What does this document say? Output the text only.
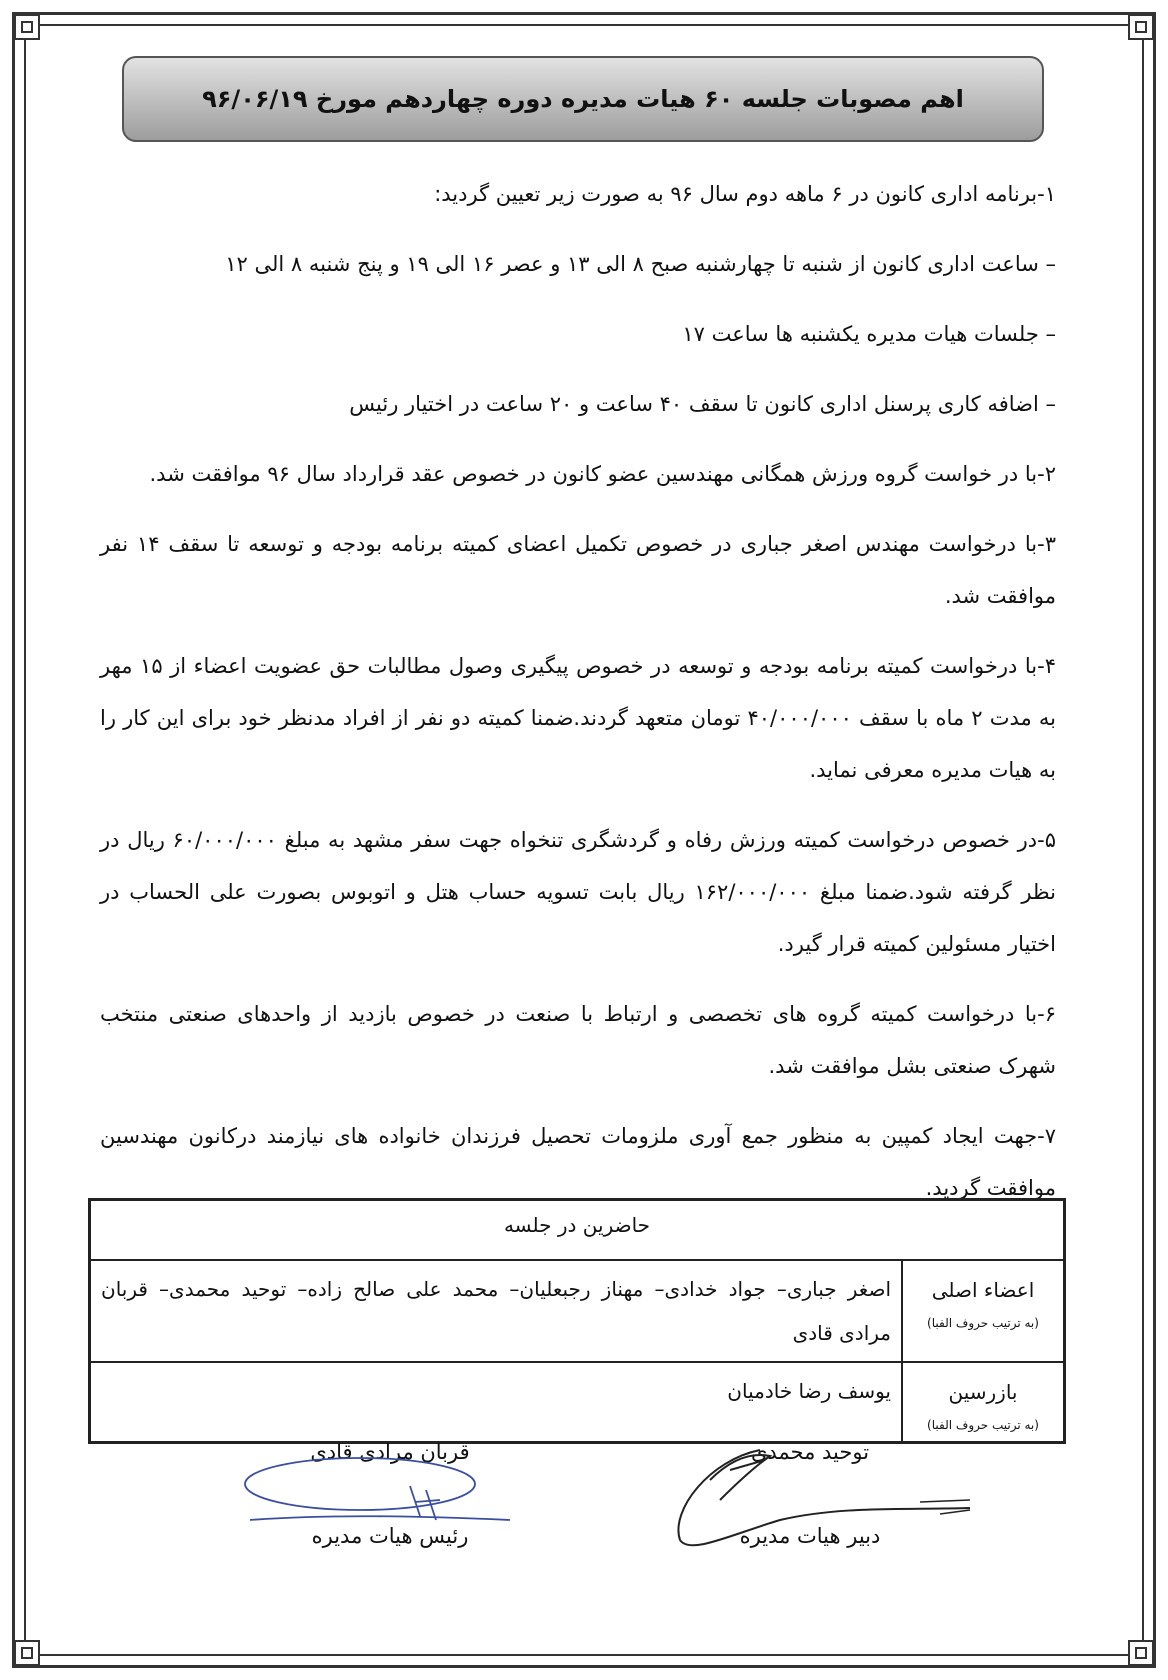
اهم مصوبات جلسه ۶۰ هیات مدیره دوره چهاردهم مورخ ۹۶/۰۶/۱۹

۱-برنامه اداری کانون در ۶ ماهه دوم سال ۹۶ به صورت زیر تعیین گردید:

– ساعت اداری کانون از شنبه تا چهارشنبه صبح ۸ الی ۱۳ و عصر ۱۶ الی ۱۹ و پنج شنبه ۸ الی ۱۲

– جلسات هیات مدیره یکشنبه ها ساعت ۱۷

– اضافه کاری پرسنل اداری کانون تا سقف ۴۰ ساعت و ۲۰ ساعت در اختیار رئیس

۲-با در خواست گروه ورزش همگانی مهندسین عضو کانون در خصوص عقد قرارداد سال ۹۶ موافقت شد.

۳-با درخواست مهندس اصغر جباری در خصوص تکمیل اعضای کمیته برنامه بودجه و توسعه تا سقف ۱۴ نفر موافقت شد.

۴-با درخواست کمیته برنامه بودجه و توسعه در خصوص پیگیری وصول مطالبات حق عضویت اعضاء از ۱۵ مهر به مدت ۲ ماه با سقف ۴۰/۰۰۰/۰۰۰ تومان متعهد گردند.ضمنا کمیته دو نفر از افراد مدنظر خود برای این کار را به هیات مدیره معرفی نماید.

۵-در خصوص درخواست کمیته ورزش رفاه و گردشگری تنخواه جهت سفر مشهد به مبلغ ۶۰/۰۰۰/۰۰۰ ریال در نظر گرفته شود.ضمنا مبلغ ۱۶۲/۰۰۰/۰۰۰ ریال بابت تسویه حساب هتل و اتوبوس بصورت علی الحساب در اختیار مسئولین کمیته قرار گیرد.

۶-با درخواست کمیته گروه های تخصصی و ارتباط با صنعت در خصوص بازدید از واحدهای صنعتی منتخب شهرک صنعتی بشل موافقت شد.

۷-جهت ایجاد کمپین به منظور جمع آوری ملزومات تحصیل فرزندان خانواده های نیازمند درکانون مهندسین موافقت گردید.

حاضرین در جلسه	
اعضاء اصلی
(به ترتیب حروف الفبا)	اصغر جباری– جواد خدادی– مهناز رجبعلیان– محمد علی صالح زاده– توحید محمدی– قربان مرادی قادی
بازرسین
(به ترتیب حروف الفبا)	یوسف رضا خادمیان
توحید محمدی
دبیر هیات مدیره
قربان مرادی قادی
رئیس هیات مدیره
